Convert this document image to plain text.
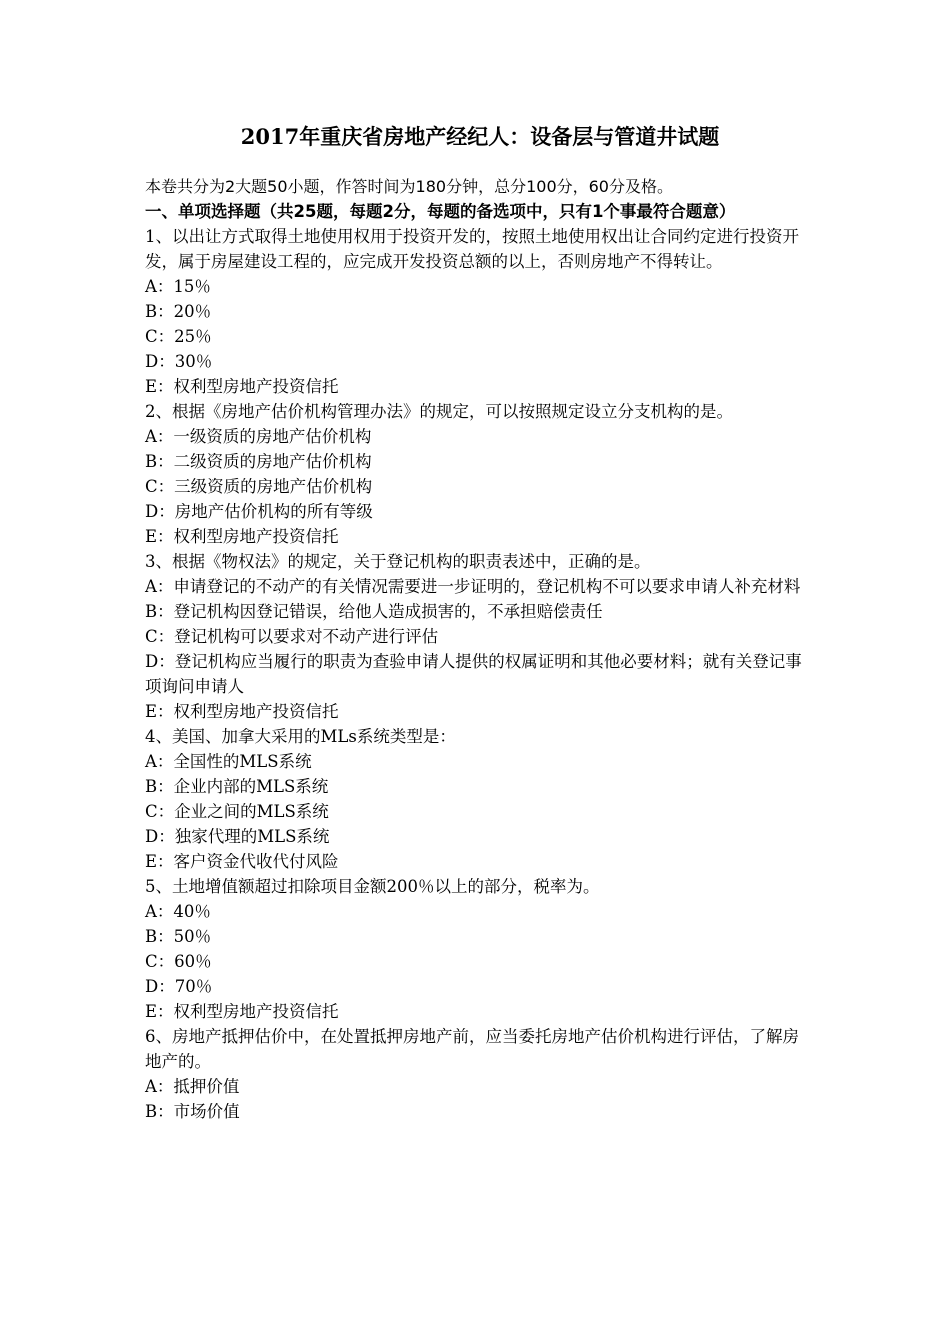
2017年重庆省房地产经纪人：设备层与管道井试题
本卷共分为2大题50小题，作答时间为180分钟，总分100分，60分及格。
一、单项选择题（共25题，每题2分，每题的备选项中，只有1个事最符合题意）
1、以出让方式取得土地使用权用于投资开发的，按照土地使用权出让合同约定进行投资开发，属于房屋建设工程的，应完成开发投资总额的以上，否则房地产不得转让。
A：15％
B：20％
C：25％
D：30％
E：权利型房地产投资信托
2、根据《房地产估价机构管理办法》的规定，可以按照规定设立分支机构的是。
A：一级资质的房地产估价机构
B：二级资质的房地产估价机构
C：三级资质的房地产估价机构
D：房地产估价机构的所有等级
E：权利型房地产投资信托
3、根据《物权法》的规定，关于登记机构的职责表述中，正确的是。
A：申请登记的不动产的有关情况需要进一步证明的，登记机构不可以要求申请人补充材料
B：登记机构因登记错误，给他人造成损害的，不承担赔偿责任
C：登记机构可以要求对不动产进行评估
D：登记机构应当履行的职责为查验申请人提供的权属证明和其他必要材料；就有关登记事项询问申请人
E：权利型房地产投资信托
4、美国、加拿大采用的MLs系统类型是：
A：全国性的MLS系统
B：企业内部的MLS系统
C：企业之间的MLS系统
D：独家代理的MLS系统
E：客户资金代收代付风险
5、土地增值额超过扣除项目金额200％以上的部分，税率为。
A：40％
B：50％
C：60％
D：70％
E：权利型房地产投资信托
6、房地产抵押估价中，在处置抵押房地产前，应当委托房地产估价机构进行评估，了解房地产的。
A：抵押价值
B：市场价值
